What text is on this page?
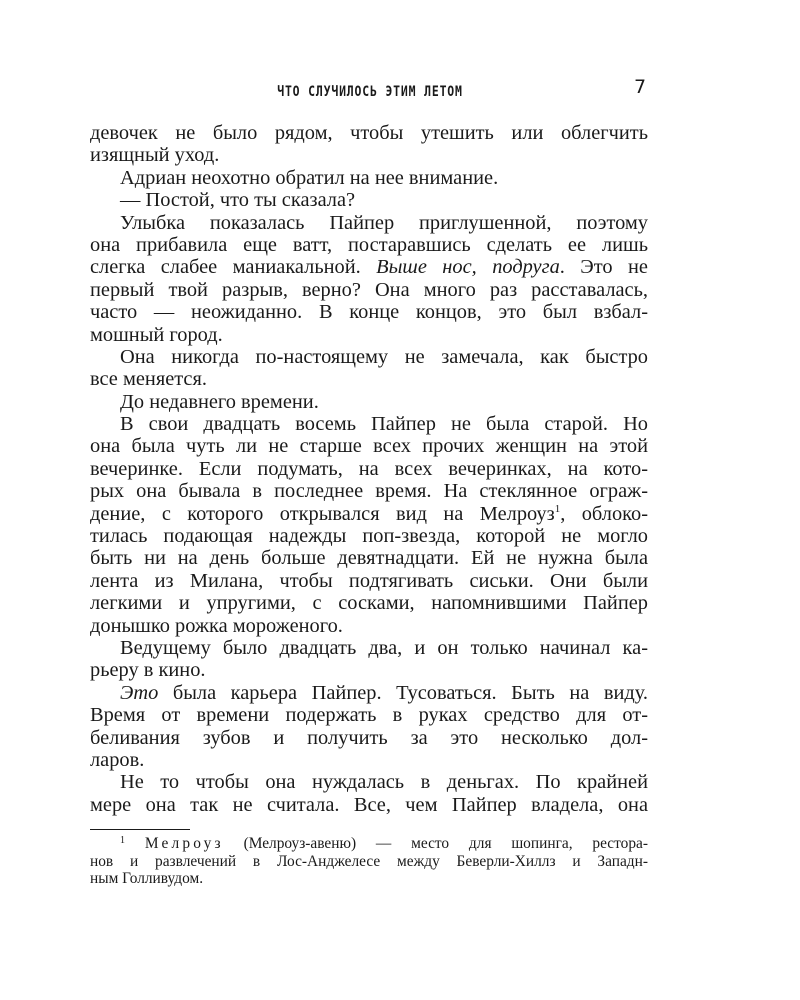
ЧТО СЛУЧИЛОСЬ ЭТИМ ЛЕТОМ	7
девочек не было рядом, чтобы утешить или облегчить
изящный уход.
Адриан неохотно обратил на нее внимание.
— Постой, что ты сказала?
Улыбка показалась Пайпер приглушенной, поэтому
она прибавила еще ватт, постаравшись сделать ее лишь
слегка слабее маниакальной. Выше нос, подруга. Это не
первый твой разрыв, верно? Она много раз расставалась,
часто — неожиданно. В конце концов, это был взбал-
мошный город.
Она никогда по-настоящему не замечала, как быстро
все меняется.
До недавнего времени.
В свои двадцать восемь Пайпер не была старой. Но
она была чуть ли не старше всех прочих женщин на этой
вечеринке. Если подумать, на всех вечеринках, на кото-
рых она бывала в последнее время. На стеклянное ограж-
дение, с которого открывался вид на Мелроуз$^1$, облоко-
тилась подающая надежды поп-звезда, которой не могло
быть ни на день больше девятнадцати. Ей не нужна была
лента из Милана, чтобы подтягивать сиськи. Они были
легкими и упругими, с сосками, напомнившими Пайпер
донышко рожка мороженого.
Ведущему было двадцать два, и он только начинал ка-
рьеру в кино.
Это была карьера Пайпер. Тусоваться. Быть на виду.
Время от времени подержать в руках средство для от-
беливания зубов и получить за это несколько дол-
ларов.
Не то чтобы она нуждалась в деньгах. По крайней
мере она так не считала. Все, чем Пайпер владела, она
$^1$ Мелроуз (Мелроуз-авеню) — место для шопинга, рестора-
нов и развлечений в Лос-Анджелесе между Беверли-Хиллз и Западн-
ным Голливудом.
